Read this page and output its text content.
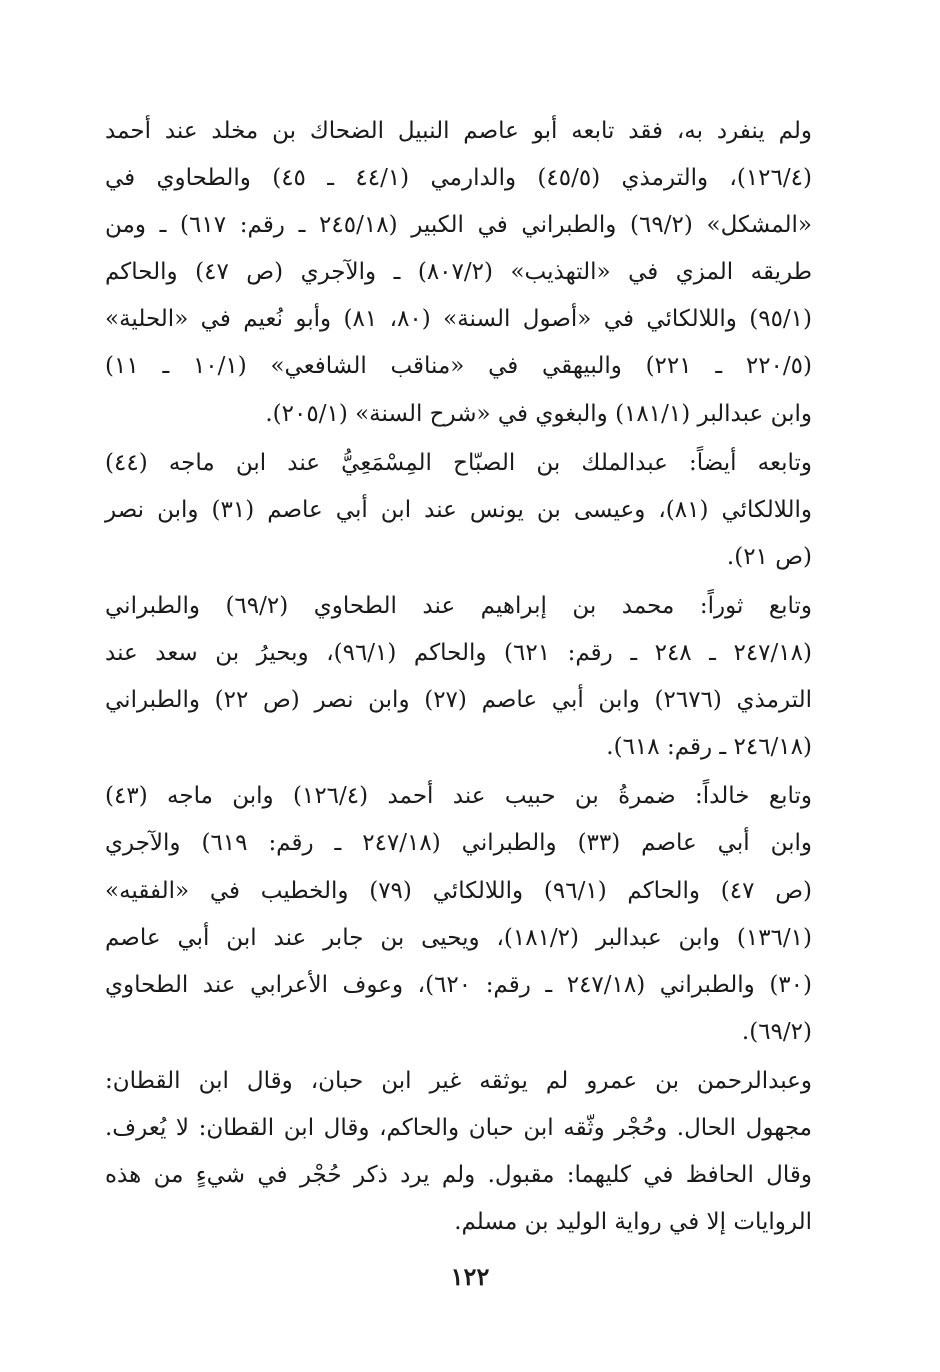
ولم ينفرد به، فقد تابعه أبو عاصم النبيل الضحاك بن مخلد عند أحمد
(١٢٦/٤)، والترمذي (٤٥/٥) والدارمي (٤٤/١ ـ ٤٥) والطحاوي في
«المشكل» (٦٩/٢) والطبراني في الكبير (٢٤٥/١٨ ـ رقم: ٦١٧) ـ ومن
طريقه المزي في «التهذيب» (٨٠٧/٢) ـ والآجري (ص ٤٧) والحاكم
(٩٥/١) واللالكائي في «أصول السنة» (٨٠، ٨١) وأبو نُعيم في «الحلية»
(٢٢٠/٥ ـ ٢٢١) والبيهقي في «مناقب الشافعي» (١٠/١ ـ ١١)
وابن عبدالبر (١٨١/١) والبغوي في «شرح السنة» (٢٠٥/١).
وتابعه أيضاً: عبدالملك بن الصبّاح المِسْمَعِيُّ عند ابن ماجه (٤٤)
واللالكائي (٨١)، وعيسى بن يونس عند ابن أبي عاصم (٣١) وابن نصر
(ص ٢١).
وتابع ثوراً: محمد بن إبراهيم عند الطحاوي (٦٩/٢) والطبراني
(٢٤٧/١٨ ـ ٢٤٨ ـ رقم: ٦٢١) والحاكم (٩٦/١)، وبحيرُ بن سعد عند
الترمذي (٢٦٧٦) وابن أبي عاصم (٢٧) وابن نصر (ص ٢٢) والطبراني
(٢٤٦/١٨ ـ رقم: ٦١٨).
وتابع خالداً: ضمرةُ بن حبيب عند أحمد (١٢٦/٤) وابن ماجه (٤٣)
وابن أبي عاصم (٣٣) والطبراني (٢٤٧/١٨ ـ رقم: ٦١٩) والآجري
(ص ٤٧) والحاكم (٩٦/١) واللالكائي (٧٩) والخطيب في «الفقيه»
(١٣٦/١) وابن عبدالبر (١٨١/٢)، ويحيى بن جابر عند ابن أبي عاصم
(٣٠) والطبراني (٢٤٧/١٨ ـ رقم: ٦٢٠)، وعوف الأعرابي عند الطحاوي
(٦٩/٢).
وعبدالرحمن بن عمرو لم يوثقه غير ابن حبان، وقال ابن القطان:
مجهول الحال. وحُجْر وثّقه ابن حبان والحاكم، وقال ابن القطان: لا يُعرف.
وقال الحافظ في كليهما: مقبول. ولم يرد ذكر حُجْر في شيءٍ من هذه
الروايات إلا في رواية الوليد بن مسلم.
١٢٢
